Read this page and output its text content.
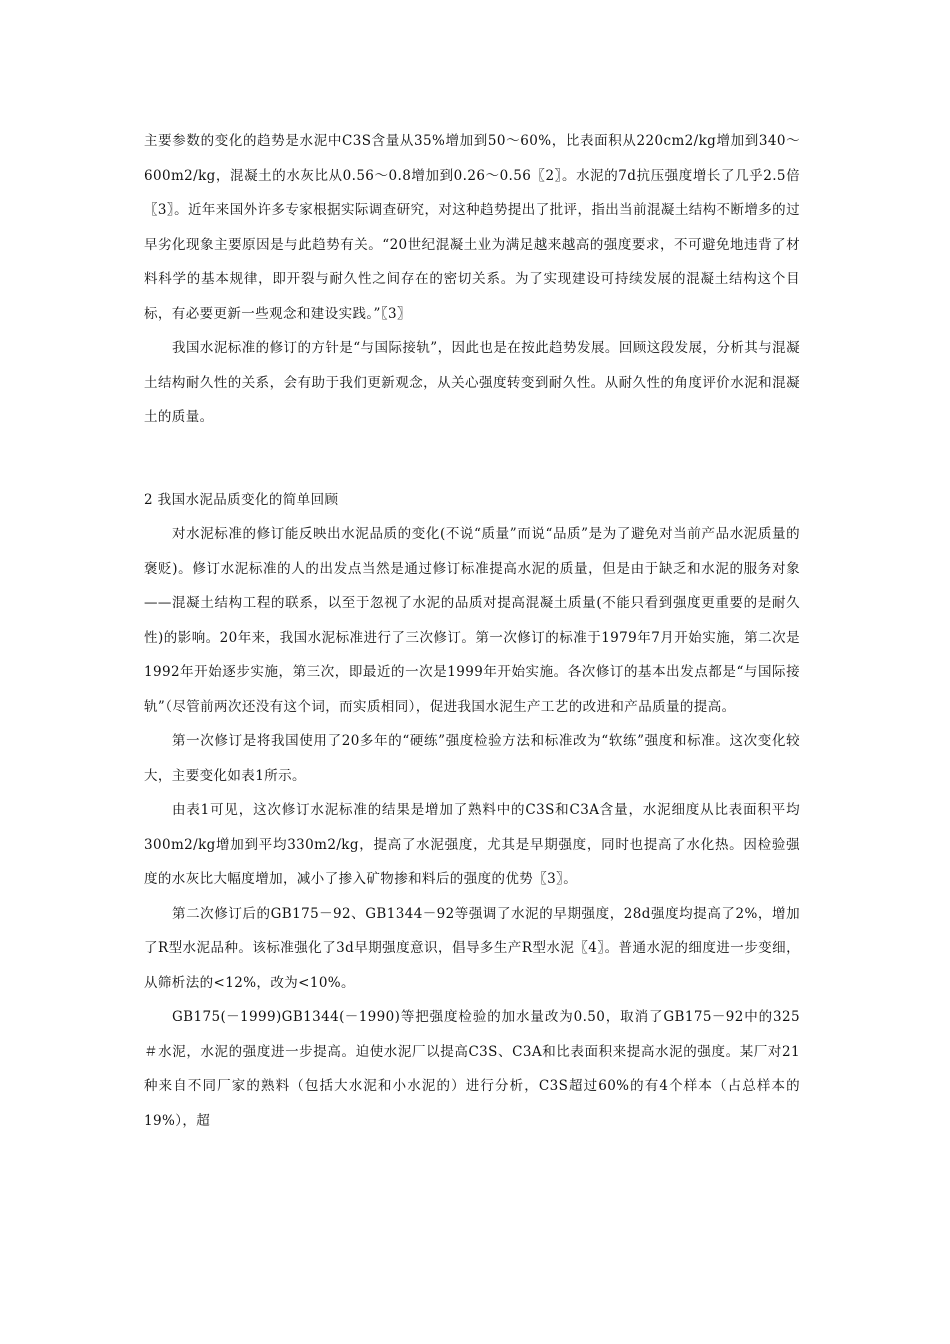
主要参数的变化的趋势是水泥中C3S含量从35%增加到50～60%，比表面积从220cm2/kg增加到340～600m2/kg，混凝土的水灰比从0.56～0.8增加到0.26～0.56〖2〗。水泥的7d抗压强度增长了几乎2.5倍〖3〗。近年来国外许多专家根据实际调查研究，对这种趋势提出了批评，指出当前混凝土结构不断增多的过早劣化现象主要原因是与此趋势有关。“20世纪混凝土业为满足越来越高的强度要求，不可避免地违背了材料科学的基本规律，即开裂与耐久性之间存在的密切关系。为了实现建设可持续发展的混凝土结构这个目标，有必要更新一些观念和建设实践。”〖3〗

我国水泥标准的修订的方针是“与国际接轨”，因此也是在按此趋势发展。回顾这段发展，分析其与混凝土结构耐久性的关系，会有助于我们更新观念，从关心强度转变到耐久性。从耐久性的角度评价水泥和混凝土的质量。

2 我国水泥品质变化的简单回顾

对水泥标准的修订能反映出水泥品质的变化(不说“质量”而说“品质”是为了避免对当前产品水泥质量的褒贬)。修订水泥标准的人的出发点当然是通过修订标准提高水泥的质量，但是由于缺乏和水泥的服务对象——混凝土结构工程的联系，以至于忽视了水泥的品质对提高混凝土质量(不能只看到强度更重要的是耐久性)的影响。20年来，我国水泥标准进行了三次修订。第一次修订的标准于1979年7月开始实施，第二次是1992年开始逐步实施，第三次，即最近的一次是1999年开始实施。各次修订的基本出发点都是“与国际接轨”（尽管前两次还没有这个词，而实质相同），促进我国水泥生产工艺的改进和产品质量的提高。

第一次修订是将我国使用了20多年的“硬练”强度检验方法和标准改为“软练”强度和标准。这次变化较大，主要变化如表1所示。

由表1可见，这次修订水泥标准的结果是增加了熟料中的C3S和C3A含量，水泥细度从比表面积平均300m2/kg增加到平均330m2/kg，提高了水泥强度，尤其是早期强度，同时也提高了水化热。因检验强度的水灰比大幅度增加，减小了掺入矿物掺和料后的强度的优势〖3〗。

第二次修订后的GB175－92、GB1344－92等强调了水泥的早期强度，28d强度均提高了2%，增加了R型水泥品种。该标准强化了3d早期强度意识，倡导多生产R型水泥〖4〗。普通水泥的细度进一步变细，从筛析法的<12%，改为<10%。

GB175(－1999)GB1344(－1990)等把强度检验的加水量改为0.50，取消了GB175－92中的325＃水泥，水泥的强度进一步提高。迫使水泥厂以提高C3S、C3A和比表面积来提高水泥的强度。某厂对21种来自不同厂家的熟料（包括大水泥和小水泥的）进行分析，C3S超过60%的有4个样本（占总样本的19%），超
